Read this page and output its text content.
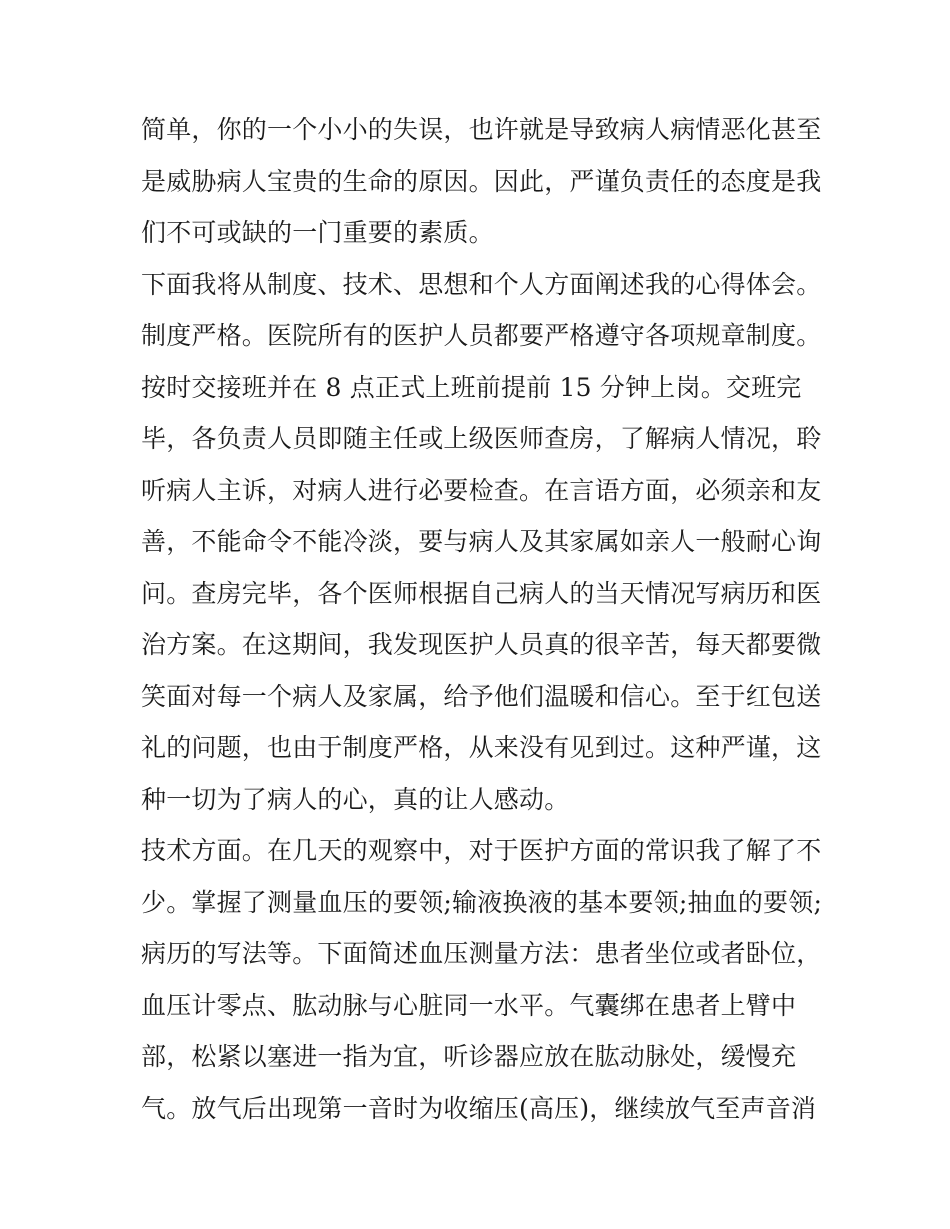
简单，你的一个小小的失误，也许就是导致病人病情恶化甚至
是威胁病人宝贵的生命的原因。因此，严谨负责任的态度是我
们不可或缺的一门重要的素质。
下面我将从制度、技术、思想和个人方面阐述我的心得体会。
制度严格。医院所有的医护人员都要严格遵守各项规章制度。
按时交接班并在 8 点正式上班前提前 15 分钟上岗。交班完
毕，各负责人员即随主任或上级医师查房，了解病人情况，聆
听病人主诉，对病人进行必要检查。在言语方面，必须亲和友
善，不能命令不能冷淡，要与病人及其家属如亲人一般耐心询
问。查房完毕，各个医师根据自己病人的当天情况写病历和医
治方案。在这期间，我发现医护人员真的很辛苦，每天都要微
笑面对每一个病人及家属，给予他们温暖和信心。至于红包送
礼的问题，也由于制度严格，从来没有见到过。这种严谨，这
种一切为了病人的心，真的让人感动。
技术方面。在几天的观察中，对于医护方面的常识我了解了不
少。掌握了测量血压的要领;输液换液的基本要领;抽血的要领;
病历的写法等。下面简述血压测量方法：患者坐位或者卧位，
血压计零点、肱动脉与心脏同一水平。气囊绑在患者上臂中
部，松紧以塞进一指为宜，听诊器应放在肱动脉处，缓慢充
气。放气后出现第一音时为收缩压(高压)，继续放气至声音消
